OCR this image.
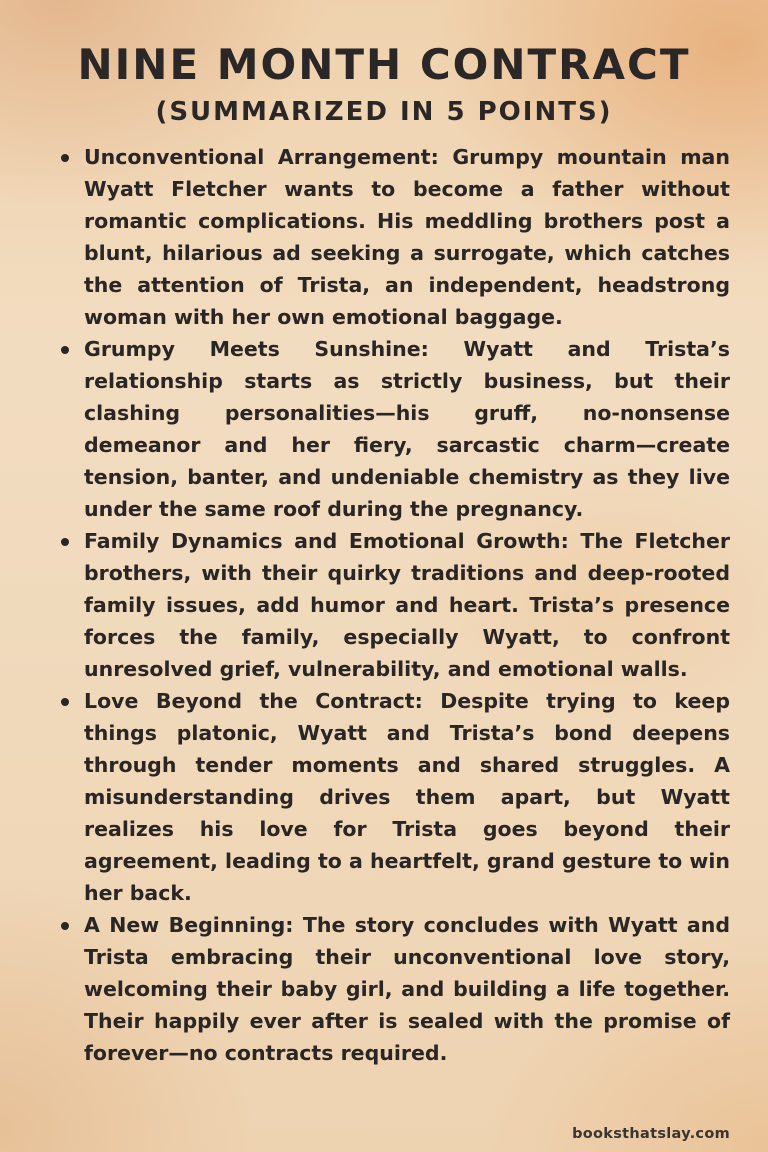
NINE MONTH CONTRACT
(SUMMARIZED IN 5 POINTS)
Unconventional Arrangement: Grumpy mountain man Wyatt Fletcher wants to become a father without romantic complications. His meddling brothers post a blunt, hilarious ad seeking a surrogate, which catches the attention of Trista, an independent, headstrong woman with her own emotional baggage.
Grumpy Meets Sunshine: Wyatt and Trista’s relationship starts as strictly business, but their clashing personalities—his gruff, no-nonsense demeanor and her fiery, sarcastic charm—create tension, banter, and undeniable chemistry as they live under the same roof during the pregnancy.
Family Dynamics and Emotional Growth: The Fletcher brothers, with their quirky traditions and deep-rooted family issues, add humor and heart. Trista’s presence forces the family, especially Wyatt, to confront unresolved grief, vulnerability, and emotional walls.
Love Beyond the Contract: Despite trying to keep things platonic, Wyatt and Trista’s bond deepens through tender moments and shared struggles. A misunderstanding drives them apart, but Wyatt realizes his love for Trista goes beyond their agreement, leading to a heartfelt, grand gesture to win her back.
A New Beginning: The story concludes with Wyatt and Trista embracing their unconventional love story, welcoming their baby girl, and building a life together. Their happily ever after is sealed with the promise of forever—no contracts required.
booksthatslay.com
